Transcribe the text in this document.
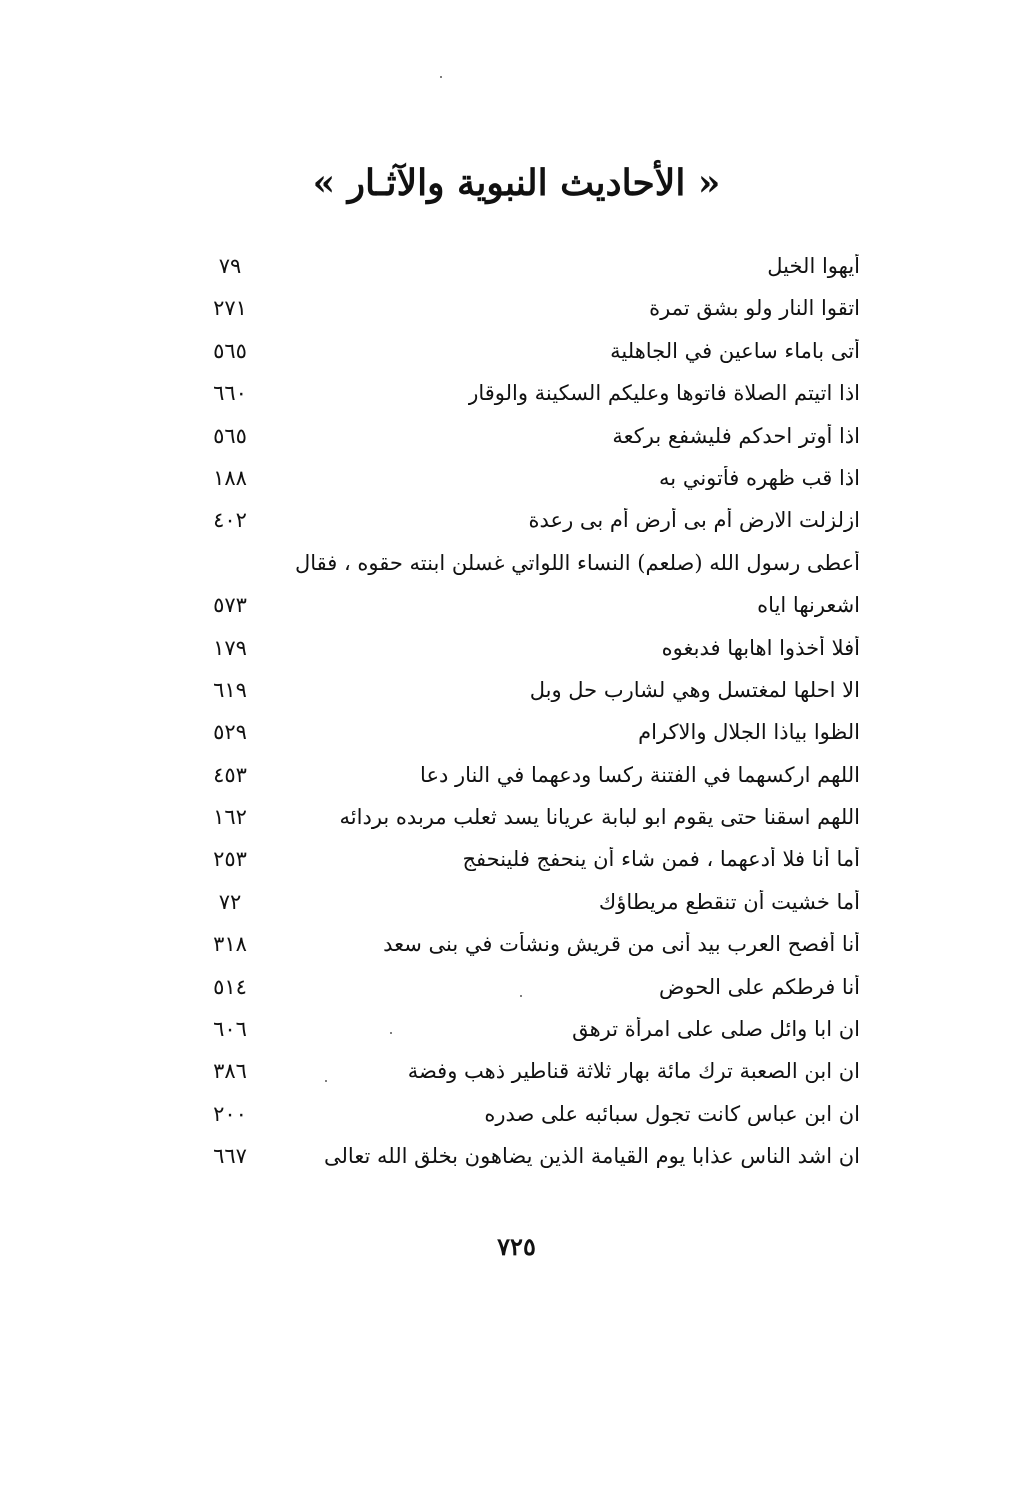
« الأحاديث النبوية والآثـار »
أيهوا الخيل
٧٩
اتقوا النار ولو بشق تمرة
٢٧١
أتى باماء ساعين في الجاهلية
٥٦٥
اذا اتيتم الصلاة فاتوها وعليكم السكينة والوقار
٦٦٠
اذا أوتر احدكم فليشفع بركعة
٥٦٥
اذا قب ظهره فأتوني به
١٨٨
ازلزلت الارض أم بى أرض أم بى رعدة
٤٠٢
أعطى رسول الله (صلعم) النساء اللواتي غسلن ابنته حقوه ، فقال
اشعرنها اياه
٥٧٣
أفلا أخذوا اهابها فدبغوه
١٧٩
الا احلها لمغتسل وهي لشارب حل وبل
٦١٩
الظوا بياذا الجلال والاكرام
٥٢٩
اللهم اركسهما في الفتنة ركسا ودعهما في النار دعا
٤٥٣
اللهم اسقنا حتى يقوم ابو لبابة عريانا يسد ثعلب مربده بردائه
١٦٢
أما أنا فلا أدعهما ، فمن شاء أن ينحفج فلينحفج
٢٥٣
أما خشيت أن تنقطع مريطاؤك
٧٢
أنا أفصح العرب بيد أنى من قريش ونشأت في بنى سعد
٣١٨
أنا فرطكم على الحوض
٥١٤
ان ابا وائل صلى على امرأة ترهق
٦٠٦
ان ابن الصعبة ترك مائة بهار ثلاثة قناطير ذهب وفضة
٣٨٦
ان ابن عباس كانت تجول سبائبه على صدره
٢٠٠
ان اشد الناس عذابا يوم القيامة الذين يضاهون بخلق الله تعالى
٦٦٧
٧٢٥
